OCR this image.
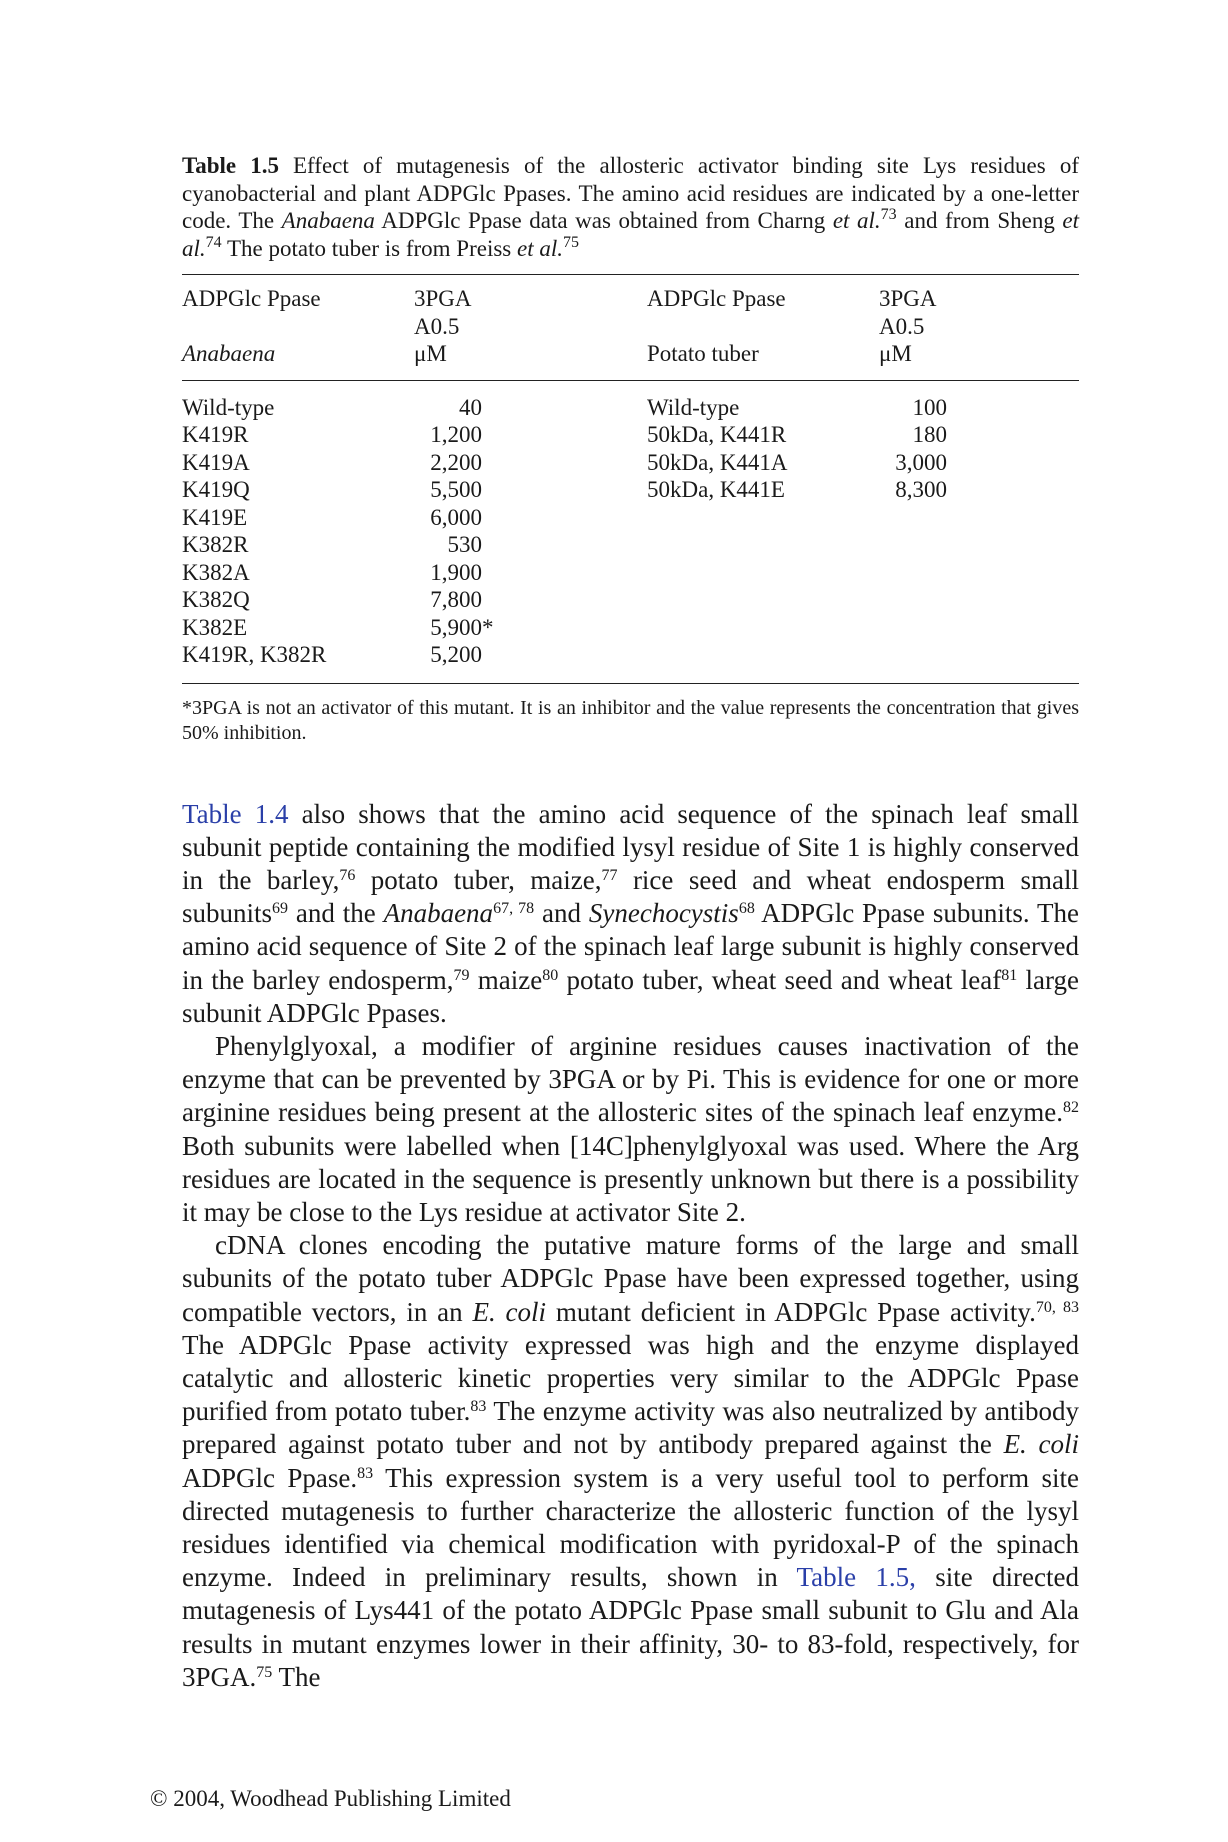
Table 1.5 Effect of mutagenesis of the allosteric activator binding site Lys residues of cyanobacterial and plant ADPGlc Ppases. The amino acid residues are indicated by a one-letter code. The Anabaena ADPGlc Ppase data was obtained from Charng et al.$^{73}$ and from Sheng et al.$^{74}$ The potato tuber is from Preiss et al.$^{75}$

ADPGlc Ppase	3PGA	ADPGlc Ppase	3PGA
	A0.5		A0.5
Anabaena	μM	Potato tuber	μM
Wild-type	40	Wild-type	100
K419R	1,200	50kDa, K441R	180
K419A	2,200	50kDa, K441A	3,000
K419Q	5,500	50kDa, K441E	8,300
K419E	6,000		
K382R	530		
K382A	1,900		
K382Q	7,800		
K382E	5,900*		
K419R, K382R	5,200		

*3PGA is not an activator of this mutant. It is an inhibitor and the value represents the concentration that gives 50% inhibition.

Table 1.4 also shows that the amino acid sequence of the spinach leaf small subunit peptide containing the modified lysyl residue of Site 1 is highly conserved in the barley,$^{76}$ potato tuber, maize,$^{77}$ rice seed and wheat endosperm small subunits$^{69}$ and the Anabaena$^{67, 78}$ and Synechocystis$^{68}$ ADPGlc Ppase subunits. The amino acid sequence of Site 2 of the spinach leaf large subunit is highly conserved in the barley endosperm,$^{79}$ maize$^{80}$ potato tuber, wheat seed and wheat leaf$^{81}$ large subunit ADPGlc Ppases.

Phenylglyoxal, a modifier of arginine residues causes inactivation of the enzyme that can be prevented by 3PGA or by Pi. This is evidence for one or more arginine residues being present at the allosteric sites of the spinach leaf enzyme.$^{82}$ Both subunits were labelled when [14C]phenylglyoxal was used. Where the Arg residues are located in the sequence is presently unknown but there is a possibility it may be close to the Lys residue at activator Site 2.

cDNA clones encoding the putative mature forms of the large and small subunits of the potato tuber ADPGlc Ppase have been expressed together, using compatible vectors, in an E. coli mutant deficient in ADPGlc Ppase activity.$^{70, 83}$ The ADPGlc Ppase activity expressed was high and the enzyme displayed catalytic and allosteric kinetic properties very similar to the ADPGlc Ppase purified from potato tuber.$^{83}$ The enzyme activity was also neutralized by antibody prepared against potato tuber and not by antibody prepared against the E. coli ADPGlc Ppase.$^{83}$ This expression system is a very useful tool to perform site directed mutagenesis to further characterize the allosteric function of the lysyl residues identified via chemical modification with pyridoxal-P of the spinach enzyme. Indeed in preliminary results, shown in Table 1.5, site directed mutagenesis of Lys441 of the potato ADPGlc Ppase small subunit to Glu and Ala results in mutant enzymes lower in their affinity, 30- to 83-fold, respectively, for 3PGA.$^{75}$ The

© 2004, Woodhead Publishing Limited
